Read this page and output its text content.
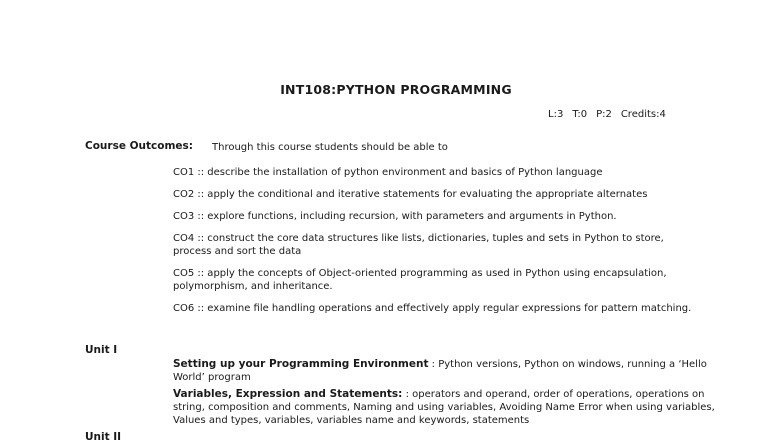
INT108:PYTHON PROGRAMMING
L:3 T:0 P:2 Credits:4
Course Outcomes: Through this course students should be able to
CO1 :: describe the installation of python environment and basics of Python language
CO2 :: apply the conditional and iterative statements for evaluating the appropriate alternates
CO3 :: explore functions, including recursion, with parameters and arguments in Python.
CO4 :: construct the core data structures like lists, dictionaries, tuples and sets in Python to store, process and sort the data
CO5 :: apply the concepts of Object-oriented programming as used in Python using encapsulation, polymorphism, and inheritance.
CO6 :: examine file handling operations and effectively apply regular expressions for pattern matching.
Unit I
Setting up your Programming Environment : Python versions, Python on windows, running a ‘Hello World’ program
Variables, Expression and Statements: : operators and operand, order of operations, operations on string, composition and comments, Naming and using variables, Avoiding Name Error when using variables, Values and types, variables, variables name and keywords, statements
Unit II
